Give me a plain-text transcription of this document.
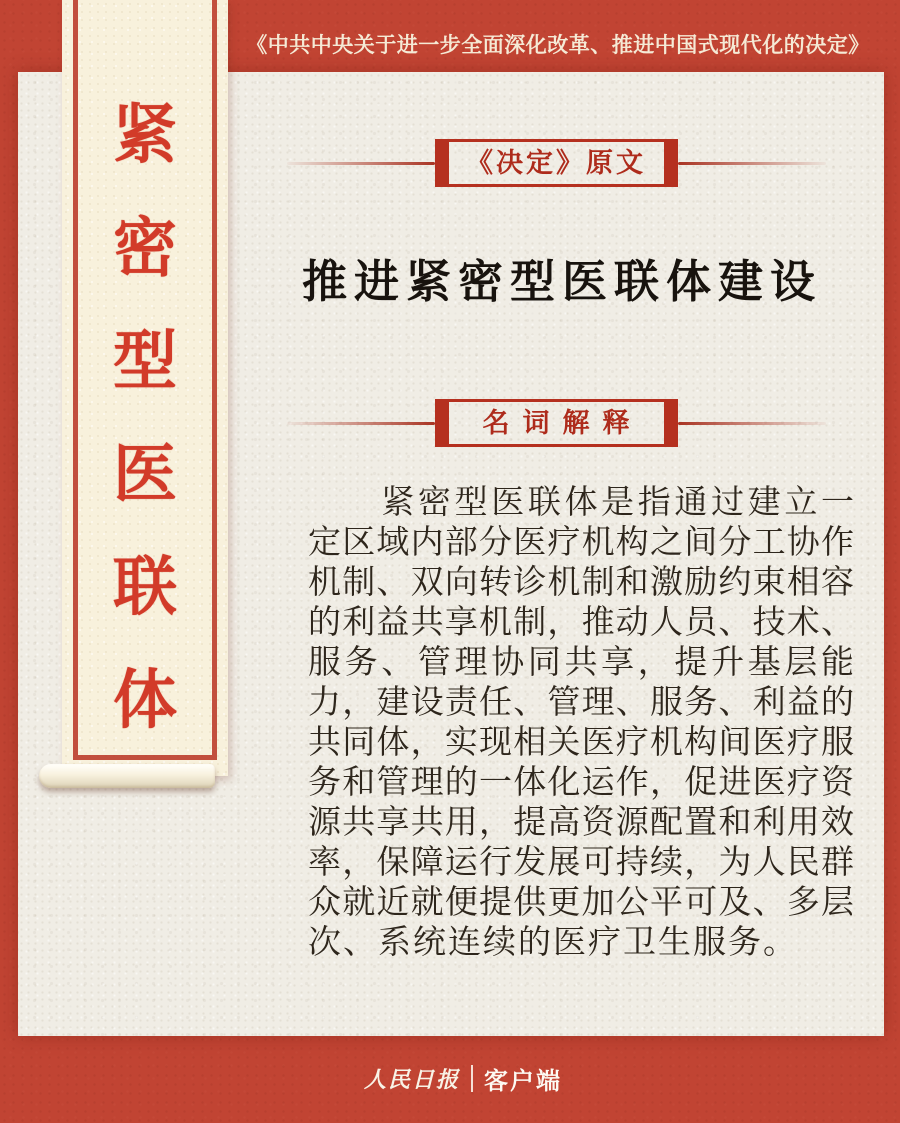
《中共中央关于进一步全面深化改革、推进中国式现代化的决定》
紧
密
型
医
联
体
《决定》原文
推进紧密型医联体建设
名词解释
　　紧密型医联体是指通过建立一
定区域内部分医疗机构之间分工协作
机制、双向转诊机制和激励约束相容
的利益共享机制，推动人员、技术、
服务、管理协同共享，提升基层能
力，建设责任、管理、服务、利益的
共同体，实现相关医疗机构间医疗服
务和管理的一体化运作，促进医疗资
源共享共用，提高资源配置和利用效
率，保障运行发展可持续，为人民群
众就近就便提供更加公平可及、多层
次、系统连续的医疗卫生服务。
人民日报 客户端
